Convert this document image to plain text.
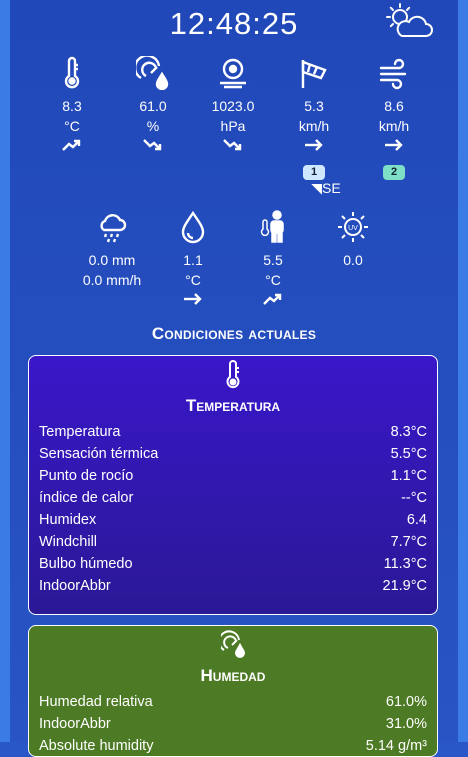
12:48:25
8.3
°C
61.0
%
1023.0
hPa
5.3
km/h
1
◥SE
8.6
km/h
2
0.0 mm
0.0 mm/h
1.1
°C
5.5
°C
UV
0.0
Condiciones actuales
Temperatura
Temperatura	8.3°C
Sensación térmica	5.5°C
Punto de rocío	1.1°C
índice de calor	--°C
Humidex	6.4
Windchill	7.7°C
Bulbo húmedo	11.3°C
IndoorAbbr	21.9°C
Humedad
Humedad relativa	61.0%
IndoorAbbr	31.0%
Absolute humidity	5.14 g/m³
